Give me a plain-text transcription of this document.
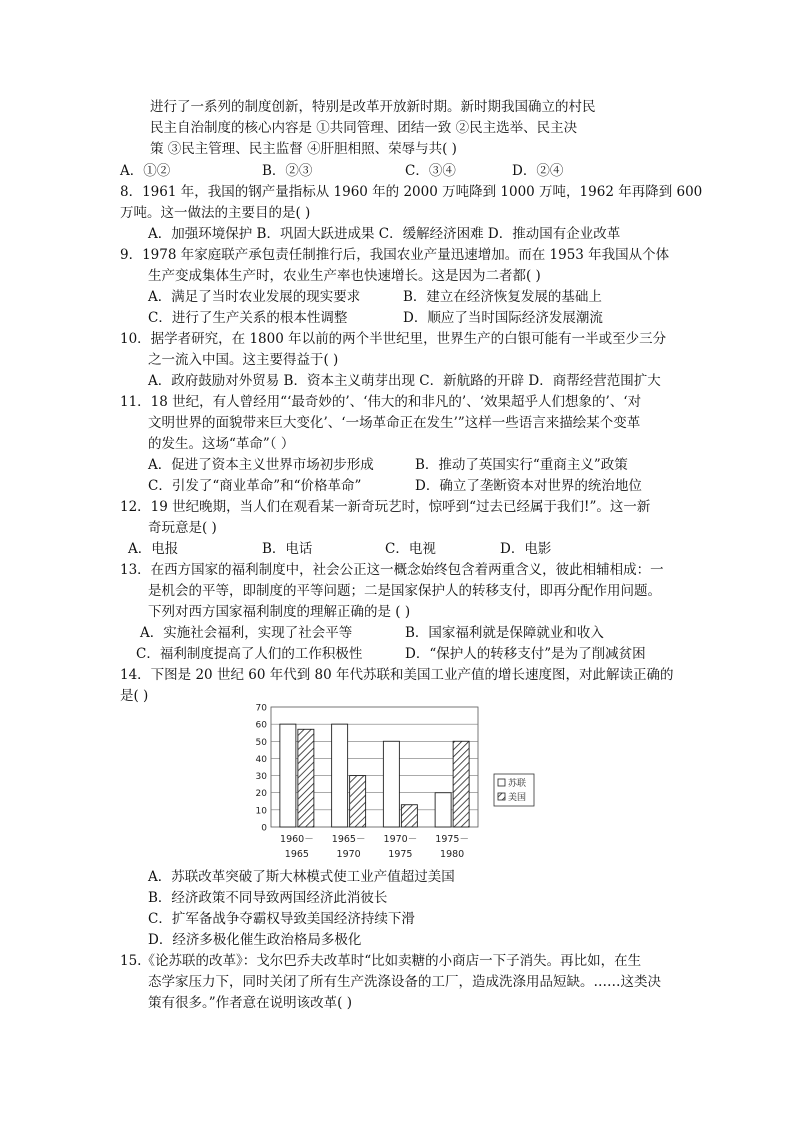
进行了一系列的制度创新，特别是改革开放新时期。新时期我国确立的村民
民主自治制度的核心内容是 ①共同管理、团结一致 ②民主选举、民主决
策 ③民主管理、民主监督 ④肝胆相照、荣辱与共( )
A．①②	B．②③	C．③④	D．②④
8．1961 年，我国的钢产量指标从 1960 年的 2000 万吨降到 1000 万吨，1962 年再降到 600
万吨。这一做法的主要目的是( )
A．加强环境保护 B．巩固大跃进成果 C．缓解经济困难 D．推动国有企业改革
9．1978 年家庭联产承包责任制推行后，我国农业产量迅速增加。而在 1953 年我国从个体
生产变成集体生产时，农业生产率也快速增长。这是因为二者都( )
A．满足了当时农业发展的现实要求	B．建立在经济恢复发展的基础上
C．进行了生产关系的根本性调整	D．顺应了当时国际经济发展潮流
10．据学者研究，在 1800 年以前的两个半世纪里，世界生产的白银可能有一半或至少三分
之一流入中国。这主要得益于( )
A．政府鼓励对外贸易 B．资本主义萌芽出现 C．新航路的开辟 D．商帮经营范围扩大
11．18 世纪，有人曾经用“‘最奇妙的’、‘伟大的和非凡的’、‘效果超乎人们想象的’、‘对
文明世界的面貌带来巨大变化’、‘一场革命正在发生’”这样一些语言来描绘某个变革
的发生。这场“革命”（ ）
A．促进了资本主义世界市场初步形成	B．推动了英国实行“重商主义”政策
C．引发了“商业革命”和“价格革命”	D．确立了垄断资本对世界的统治地位
12．19 世纪晚期，当人们在观看某一新奇玩艺时，惊呼到“过去已经属于我们!”。这一新
奇玩意是( )
A．电报	B．电话	C．电视	D．电影
13．在西方国家的福利制度中，社会公正这一概念始终包含着两重含义，彼此相辅相成：一
是机会的平等，即制度的平等问题；二是国家保护人的转移支付，即再分配作用问题。
下列对西方国家福利制度的理解正确的是 ( )
A．实施社会福利，实现了社会平等	B．国家福利就是保障就业和收入
C．福利制度提高了人们的工作积极性	D．“保护人的转移支付”是为了削减贫困
14．下图是 20 世纪 60 年代到 80 年代苏联和美国工业产值的增长速度图，对此解读正确的
是( )
0
10
20
30
40
50
60
70
1960－
1965
1965－
1970
1970－
1975
1975－
1980
苏联
美国
A．苏联改革突破了斯大林模式使工业产值超过美国
B．经济政策不同导致两国经济此消彼长
C．扩军备战争夺霸权导致美国经济持续下滑
D．经济多极化催生政治格局多极化
15.《论苏联的改革》：戈尔巴乔夫改革时“比如卖糖的小商店一下子消失。再比如，在生
态学家压力下，同时关闭了所有生产洗涤设备的工厂，造成洗涤用品短缺。……这类决
策有很多。”作者意在说明该改革( )
